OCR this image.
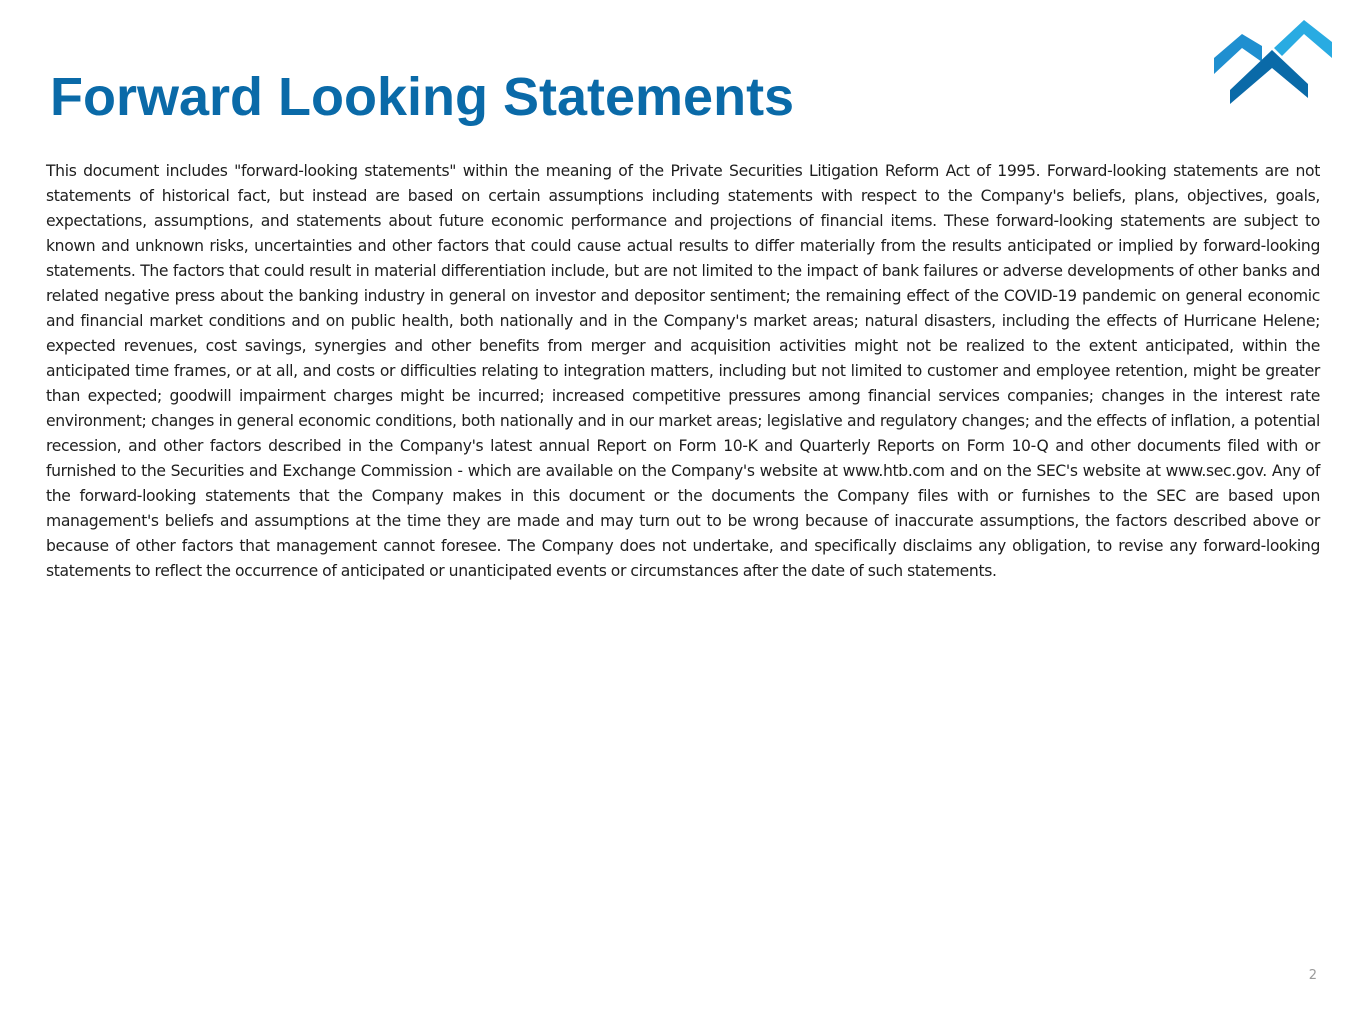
Forward Looking Statements

This document includes "forward-looking statements" within the meaning of the Private Securities Litigation Reform Act of 1995. Forward-looking statements are not statements of historical fact, but instead are based on certain assumptions including statements with respect to the Company's beliefs, plans, objectives, goals, expectations, assumptions, and statements about future economic performance and projections of financial items. These forward-looking statements are subject to known and unknown risks, uncertainties and other factors that could cause actual results to differ materially from the results anticipated or implied by forward-looking statements. The factors that could result in material differentiation include, but are not limited to the impact of bank failures or adverse developments of other banks and related negative press about the banking industry in general on investor and depositor sentiment; the remaining effect of the COVID-19 pandemic on general economic and financial market conditions and on public health, both nationally and in the Company's market areas; natural disasters, including the effects of Hurricane Helene; expected revenues, cost savings, synergies and other benefits from merger and acquisition activities might not be realized to the extent anticipated, within the anticipated time frames, or at all, and costs or difficulties relating to integration matters, including but not limited to customer and employee retention, might be greater than expected; goodwill impairment charges might be incurred; increased competitive pressures among financial services companies; changes in the interest rate environment; changes in general economic conditions, both nationally and in our market areas; legislative and regulatory changes; and the effects of inflation, a potential recession, and other factors described in the Company's latest annual Report on Form 10-K and Quarterly Reports on Form 10-Q and other documents filed with or furnished to the Securities and Exchange Commission - which are available on the Company's website at www.htb.com and on the SEC's website at www.sec.gov. Any of the forward-looking statements that the Company makes in this document or the documents the Company files with or furnishes to the SEC are based upon management's beliefs and assumptions at the time they are made and may turn out to be wrong because of inaccurate assumptions, the factors described above or because of other factors that management cannot foresee. The Company does not undertake, and specifically disclaims any obligation, to revise any forward-looking statements to reflect the occurrence of anticipated or unanticipated events or circumstances after the date of such statements.

2
